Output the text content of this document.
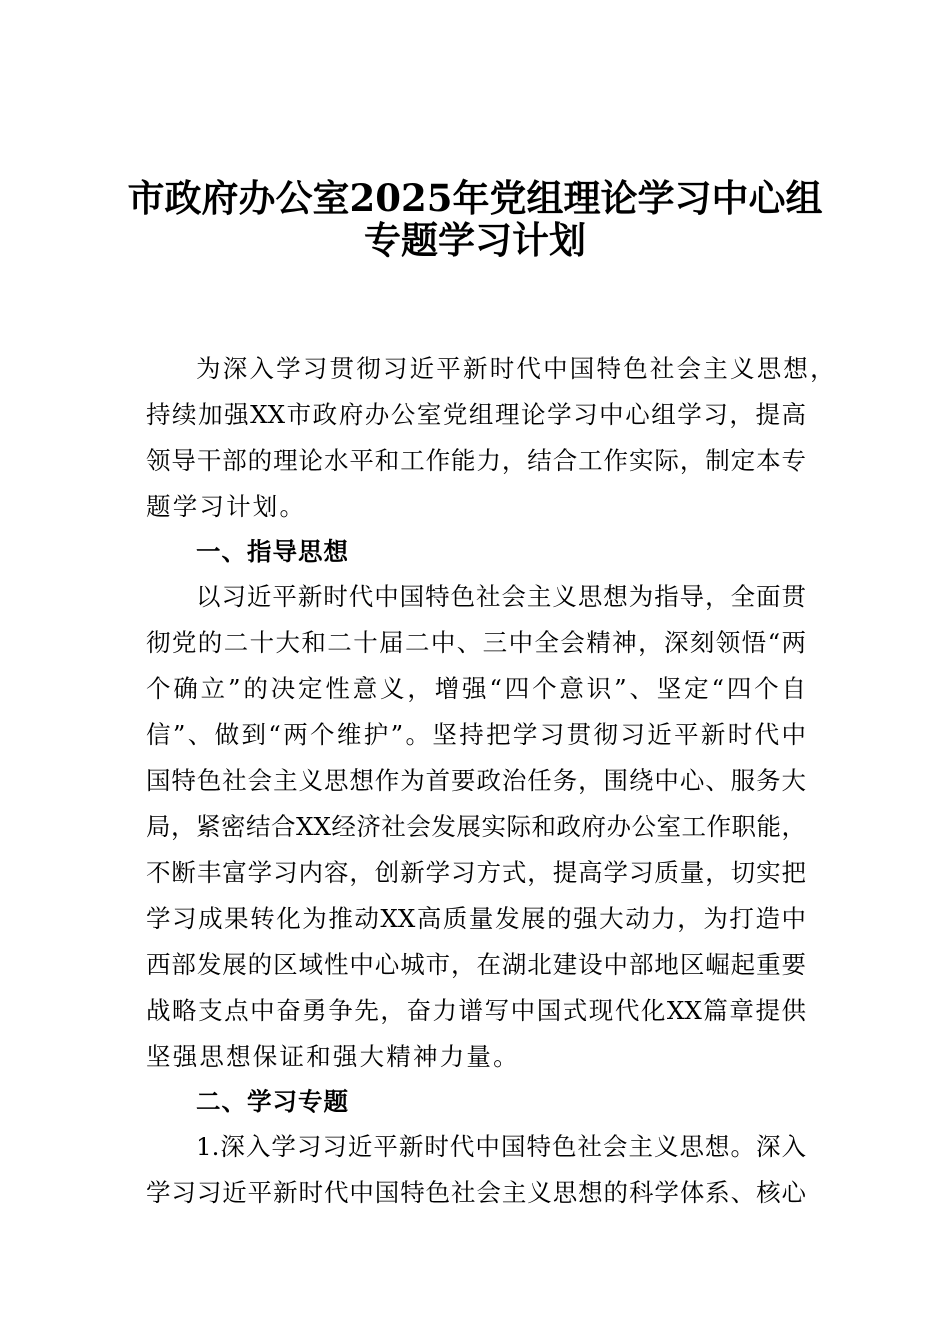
市政府办公室2025年党组理论学习中心组
专题学习计划
为深入学习贯彻习近平新时代中国特色社会主义思想，
持续加强XX市政府办公室党组理论学习中心组学习，提高
领导干部的理论水平和工作能力，结合工作实际，制定本专
题学习计划。
一、指导思想
以习近平新时代中国特色社会主义思想为指导，全面贯
彻党的二十大和二十届二中、三中全会精神，深刻领悟“两
个确立”的决定性意义，增强“四个意识”、坚定“四个自
信”、做到“两个维护”。坚持把学习贯彻习近平新时代中
国特色社会主义思想作为首要政治任务，围绕中心、服务大
局，紧密结合XX经济社会发展实际和政府办公室工作职能，
不断丰富学习内容，创新学习方式，提高学习质量，切实把
学习成果转化为推动XX高质量发展的强大动力，为打造中
西部发展的区域性中心城市，在湖北建设中部地区崛起重要
战略支点中奋勇争先，奋力谱写中国式现代化XX篇章提供
坚强思想保证和强大精神力量。
二、学习专题
1.深入学习习近平新时代中国特色社会主义思想。深入
学习习近平新时代中国特色社会主义思想的科学体系、核心
